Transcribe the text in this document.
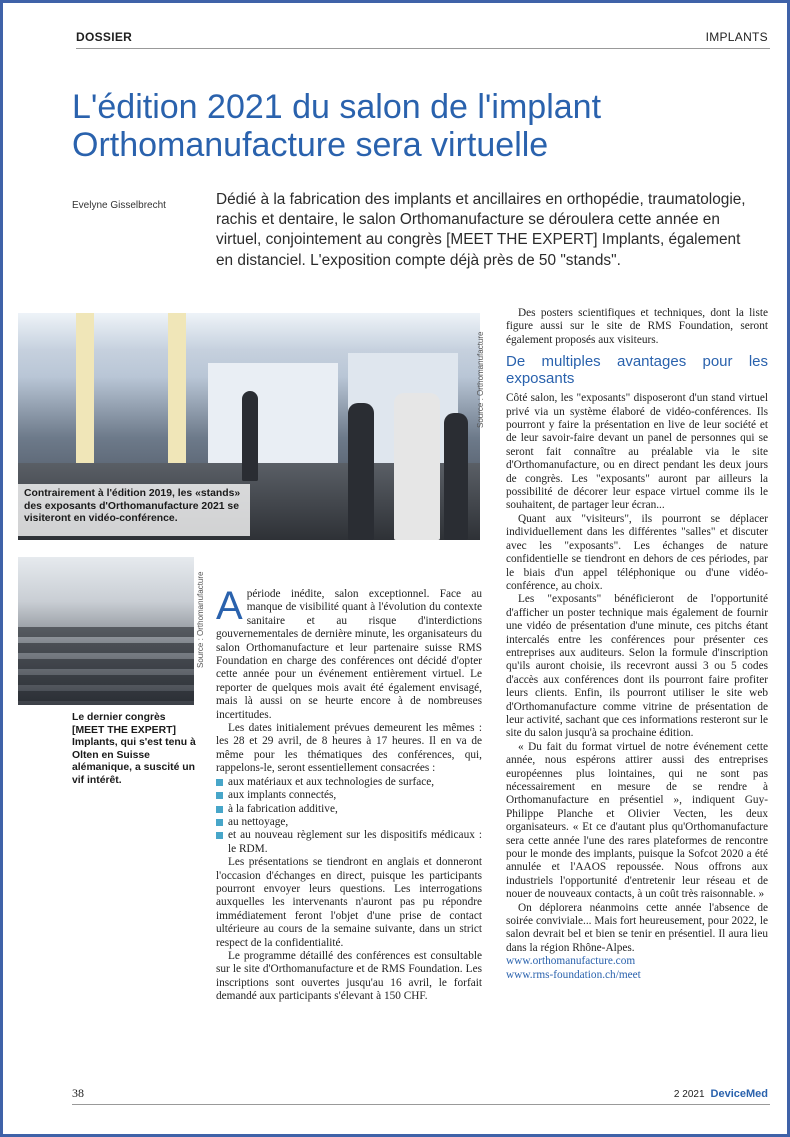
DOSSIER	IMPLANTS
L'édition 2021 du salon de l'implant Orthomanufacture sera virtuelle
Evelyne Gisselbrecht	Dédié à la fabrication des implants et ancillaires en orthopédie, traumatologie, rachis et dentaire, le salon Orthomanufacture se déroulera cette année en virtuel, conjointement au congrès [MEET THE EXPERT] Implants, également en distanciel. L'exposition compte déjà près de 50 "stands".
Contrairement à l'édition 2019, les «stands» des exposants d'Orthomanufacture 2021 se visiteront en vidéo-conférence.
Source : Orthomanufacture
Source : Orthomanufacture
Le dernier congrès [MEET THE EXPERT] Implants, qui s'est tenu à Olten en Suisse alémanique, a suscité un vif intérêt.

A période inédite, salon exceptionnel. Face au manque de visibilité quant à l'évolution du contexte sanitaire et au risque d'interdictions gouvernementales de dernière minute, les organisateurs du salon Orthomanufacture et leur partenaire suisse RMS Foundation en charge des conférences ont décidé d'opter cette année pour un événement entièrement virtuel. Le reporter de quelques mois avait été également envisagé, mais là aussi on se heurte encore à de nombreuses incertitudes.

Les dates initialement prévues demeurent les mêmes : les 28 et 29 avril, de 8 heures à 17 heures. Il en va de même pour les thématiques des conférences, qui, rappelons-le, seront essentiellement consacrées :

aux matériaux et aux technologies de surface,
aux implants connectés,
à la fabrication additive,
au nettoyage,
et au nouveau règlement sur les dispositifs médicaux : le RDM.

Les présentations se tiendront en anglais et donneront l'occasion d'échanges en direct, puisque les participants pourront envoyer leurs questions. Les interrogations auxquelles les intervenants n'auront pas pu répondre immédiatement feront l'objet d'une prise de contact ultérieure au cours de la semaine suivante, dans un strict respect de la confidentialité.

Le programme détaillé des conférences est consultable sur le site d'Orthomanufacture et de RMS Foundation. Les inscriptions sont ouvertes jusqu'au 16 avril, le forfait demandé aux participants s'élevant à 150 CHF.

Des posters scientifiques et techniques, dont la liste figure aussi sur le site de RMS Foundation, seront également proposés aux visiteurs.

De multiples avantages pour les exposants

Côté salon, les "exposants" disposeront d'un stand virtuel privé via un système élaboré de vidéo-conférences. Ils pourront y faire la présentation en live de leur société et de leur savoir-faire devant un panel de personnes qui se seront fait connaître au préalable via le site d'Orthomanufacture, ou en direct pendant les deux jours de congrès. Les "exposants" auront par ailleurs la possibilité de décorer leur espace virtuel comme ils le souhaitent, de partager leur écran...

Quant aux "visiteurs", ils pourront se déplacer individuellement dans les différentes "salles" et discuter avec les "exposants". Les échanges de nature confidentielle se tiendront en dehors de ces périodes, par le biais d'un appel téléphonique ou d'une vidéo-conférence, au choix.

Les "exposants" bénéficieront de l'opportunité d'afficher un poster technique mais également de fournir une vidéo de présentation d'une minute, ces pitchs étant intercalés entre les conférences pour présenter ces entreprises aux auditeurs. Selon la formule d'inscription qu'ils auront choisie, ils recevront aussi 3 ou 5 codes d'accès aux conférences dont ils pourront faire profiter leurs clients. Enfin, ils pourront utiliser le site web d'Orthomanufacture comme vitrine de présentation de leur activité, sachant que ces informations resteront sur le site du salon jusqu'à sa prochaine édition.

« Du fait du format virtuel de notre événement cette année, nous espérons attirer aussi des entreprises européennes plus lointaines, qui ne sont pas nécessairement en mesure de se rendre à Orthomanufacture en présentiel », indiquent Guy-Philippe Planche et Olivier Vecten, les deux organisateurs. « Et ce d'autant plus qu'Orthomanufacture sera cette année l'une des rares plateformes de rencontre pour le monde des implants, puisque la Sofcot 2020 a été annulée et l'AAOS repoussée. Nous offrons aux industriels l'opportunité d'entretenir leur réseau et de nouer de nouveaux contacts, à un coût très raisonnable. »

On déplorera néanmoins cette année l'absence de soirée conviviale... Mais fort heureusement, pour 2022, le salon devrait bel et bien se tenir en présentiel. Il aura lieu dans la région Rhône-Alpes.

www.orthomanufacture.com

www.rms-foundation.ch/meet

38	2 2021 DeviceMed
